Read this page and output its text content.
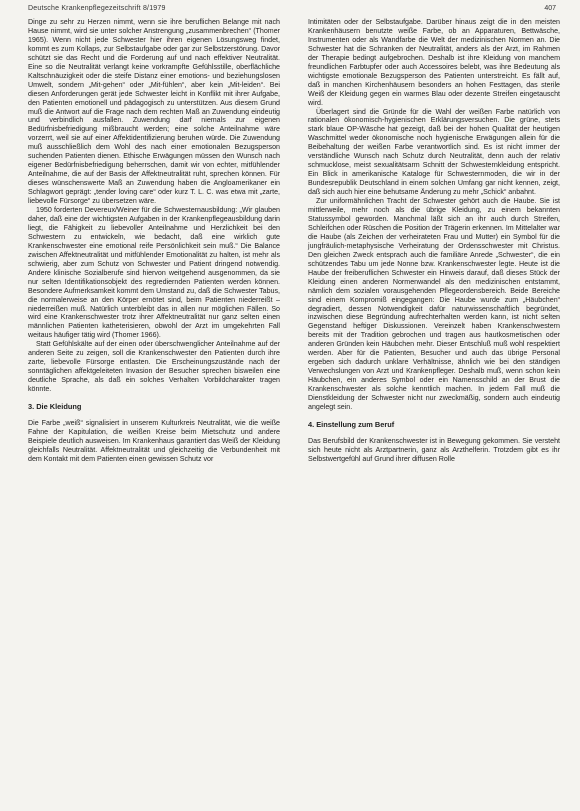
Deutsche Krankenpflegezeitschrift 8/1979	407

Dinge zu sehr zu Herzen nimmt, wenn sie ihre beruflichen Belange mit nach Hause nimmt, wird sie unter solcher Anstrengung „zusammenbrechen“ (Thomer 1965). Wenn nicht jede Schwester hier ihren eigenen Lösungsweg findet, kommt es zum Kollaps, zur Selbstaufgabe oder gar zur Selbstzerstörung. Davor schützt sie das Recht und die Forderung auf und nach effektiver Neutralität. Eine so die Neutralität verlangt keine vorkrampfte Gefühlsstille, oberflächliche Kaltschnäuzigkeit oder die steife Distanz einer emotions- und beziehungslosen Umwelt, sondern „Mit-gehen“ oder „Mit-fühlen“, aber kein „Mit-leiden“. Bei diesen Anforderungen gerät jede Schwester leicht in Konflikt mit ihrer Aufgabe, den Patienten emotionell und pädagogisch zu unterstützen. Aus diesem Grund muß die Antwort auf die Frage nach dem rechten Maß an Zuwendung eindeutig und verbindlich ausfallen. Zuwendung darf niemals zur eigenen Bedürfnisbefriedigung mißbraucht werden; eine solche Anteilnahme wäre vorzerrt, weil sie auf einer Affektidentifizierung beruhen würde. Die Zuwendung muß ausschließlich dem Wohl des nach einer emotionalen Bezugsperson suchenden Patienten dienen. Ethische Erwägungen müssen den Wunsch nach eigener Bedürfnisbefriedigung beherrschen, damit wir von echter, mitfühlender Anteilnahme, die auf der Basis der Affektneutralität ruht, sprechen können. Für dieses wünschenswerte Maß an Zuwendung haben die Angloamerikaner ein Schlagwort geprägt: „tender loving care“ oder kurz T. L. C. was etwa mit „zarte, liebevolle Fürsorge“ zu übersetzen wäre.

1950 forderten Devereux/Weiner für die Schwesternausbildung: „Wir glauben daher, daß eine der wichtigsten Aufgaben in der Krankenpflegeausbildung darin liegt, die Fähigkeit zu liebevoller Anteilnahme und Herzlichkeit bei den Schwestern zu entwickeln, wie bedacht, daß eine wirklich gute Krankenschwester eine emotional reife Persönlichkeit sein muß.“ Die Balance zwischen Affektneutralität und mitfühlender Emotionalität zu halten, ist mehr als schwierig, aber zum Schutz von Schwester und Patient dringend notwendig. Andere klinische Sozialberufe sind hiervon weitgehend ausgenommen, da sie nur selten Identifikationsobjekt des regrediernden Patienten werden können. Besondere Aufmerksamkeit kommt dem Umstand zu, daß die Schwester Tabus, die normalerweise an den Körper ernötet sind, beim Patienten niederreißt – niederreißen muß. Natürlich unterbleibt das in allen nur möglichen Fällen. So wird eine Krankenschwester trotz ihrer Affektneutralität nur ganz selten einen männlichen Patienten katheterisieren, obwohl der Arzt im umgekehrten Fall weitaus häufiger tätig wird (Thomer 1966).

Statt Gefühlskälte auf der einen oder überschwenglicher Anteilnahme auf der anderen Seite zu zeigen, soll die Krankenschwester den Patienten durch ihre zarte, liebevolle Fürsorge entlasten. Die Erscheinungszustände nach der sonntäglichen affektgeleiteten Invasion der Besucher sprechen bisweilen eine deutliche Sprache, als daß ein solches Verhalten Vorbildcharakter tragen könnte.

3. Die Kleidung

Die Farbe „weiß“ signalisiert in unserem Kulturkreis Neutralität, wie die weiße Fahne der Kapitulation, die weißen Kreise beim Mietschutz und andere Beispiele deutlich ausweisen. Im Krankenhaus garantiert das Weiß der Kleidung gleichfalls Neutralität. Affektneutralität und gleichzeitig die Verbundenheit mit dem Kontakt mit dem Patienten einen gewissen Schutz vor

Intimitäten oder der Selbstaufgabe. Darüber hinaus zeigt die in den meisten Krankenhäusern benutzte weiße Farbe, ob an Apparaturen, Bettwäsche, Instrumenten oder als Wandfarbe die Welt der medizinischen Normen an. Die Schwester hat die Schranken der Neutralität, anders als der Arzt, im Rahmen der Therapie bedingt aufgebrochen. Deshalb ist ihre Kleidung von manchem freundlichen Farbtupfer oder auch Accessoires belebt, was ihre Bedeutung als wichtigste emotionale Bezugsperson des Patienten unterstreicht. Es fällt auf, daß in manchen Kirchenhäusern besonders an hohen Festtagen, das sterile Weiß der Kleidung gegen ein warmes Blau oder dezente Streifen eingetauscht wird.

Überlagert sind die Gründe für die Wahl der weißen Farbe natürlich von rationalen ökonomisch-hygienischen Erklärungsversuchen. Die grüne, stets stark blaue OP-Wäsche hat gezeigt, daß bei der hohen Qualität der heutigen Waschmittel weder ökonomische noch hygienische Erwägungen allein für die Beibehaltung der weißen Farbe verantwortlich sind. Es ist nicht immer der verständliche Wunsch nach Schutz durch Neutralität, denn auch der relativ schmucklose, meist sexualitätsarm Schnitt der Schwesternkleidung entspricht. Ein Blick in amerikanische Kataloge für Schwesternmoden, die wir in der Bundesrepublik Deutschland in einem solchen Umfang gar nicht kennen, zeigt, daß sich auch hier eine behutsame Änderung zu mehr „Schick“ anbahnt.

Zur uniformähnlichen Tracht der Schwester gehört auch die Haube. Sie ist mittlerweile, mehr noch als die übrige Kleidung, zu einem bekannten Statussymbol geworden. Manchmal läßt sich an ihr auch durch Streifen, Schleifchen oder Rüschen die Position der Trägerin erkennen. Im Mittelalter war die Haube (als Zeichen der verheirateten Frau und Mutter) ein Symbol für die jungfräulich-metaphysische Verheiratung der Ordensschwester mit Christus. Den gleichen Zweck entsprach auch die familiäre Anrede „Schwester“, die ein schützendes Tabu um jede Nonne bzw. Krankenschwester legte. Heute ist die Haube der freiberuflichen Schwester ein Hinweis darauf, daß dieses Stück der Kleidung einen anderen Normenwandel als den medizinischen entstammt, nämlich dem sozialen vorausgehenden Pflegeordensbereich. Beide Bereiche sind einem Kompromiß eingegangen: Die Haube wurde zum „Häubchen“ degradiert, dessen Notwendigkeit dafür naturwissenschaftlich begründet, inzwischen diese Begründung aufrechterhalten werden kann, ist nicht selten Gegenstand heftiger Diskussionen. Vereinzelt haben Krankenschwestern bereits mit der Tradition gebrochen und tragen aus hautkosmetischen oder anderen Gründen kein Häubchen mehr. Dieser Entschluß muß wohl respektiert werden. Aber für die Patienten, Besucher und auch das übrige Personal ergeben sich dadurch unklare Verhältnisse, ähnlich wie bei den ständigen Verwechslungen von Arzt und Krankenpfleger. Deshalb muß, wenn schon kein Häubchen, ein anderes Symbol oder ein Namensschild an der Brust die Krankenschwester als solche kenntlich machen. In jedem Fall muß die Dienstkleidung der Schwester nicht nur zweckmäßig, sondern auch eindeutig angelegt sein.

4. Einstellung zum Beruf

Das Berufsbild der Krankenschwester ist in Bewegung gekommen. Sie versteht sich heute nicht als Arztpartnerin, ganz als Arzthelferin. Trotzdem gibt es ihr Selbstwertgefühl auf Grund ihrer diffusen Rolle
